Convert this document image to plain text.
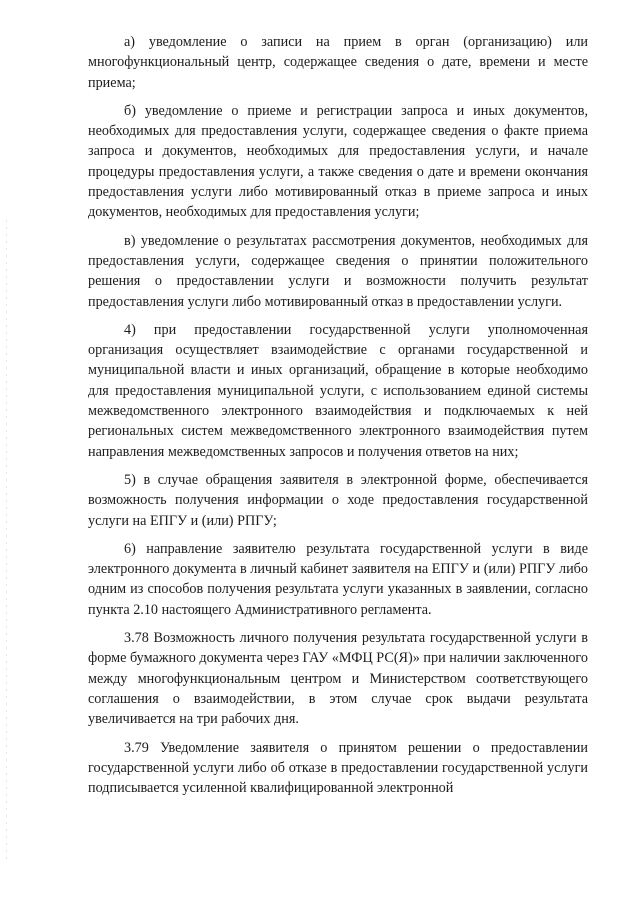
а) уведомление о записи на прием в орган (организацию) или многофункциональный центр, содержащее сведения о дате, времени и месте приема;

б) уведомление о приеме и регистрации запроса и иных документов, необходимых для предоставления услуги, содержащее сведения о факте приема запроса и документов, необходимых для предоставления услуги, и начале процедуры предоставления услуги, а также сведения о дате и времени окончания предоставления услуги либо мотивированный отказ в приеме запроса и иных документов, необходимых для предоставления услуги;

в) уведомление о результатах рассмотрения документов, необходимых для предоставления услуги, содержащее сведения о принятии положительного решения о предоставлении услуги и возможности получить результат предоставления услуги либо мотивированный отказ в предоставлении услуги.

4) при предоставлении государственной услуги уполномоченная организация осуществляет взаимодействие с органами государственной и муниципальной власти и иных организаций, обращение в которые необходимо для предоставления муниципальной услуги, с использованием единой системы межведомственного электронного взаимодействия и подключаемых к ней региональных систем межведомственного электронного взаимодействия путем направления межведомственных запросов и получения ответов на них;

5) в случае обращения заявителя в электронной форме, обеспечивается возможность получения информации о ходе предоставления государственной услуги на ЕПГУ и (или) РПГУ;

6) направление заявителю результата государственной услуги в виде электронного документа в личный кабинет заявителя на ЕПГУ и (или) РПГУ либо одним из способов получения результата услуги указанных в заявлении, согласно пункта 2.10 настоящего Административного регламента.

3.78 Возможность личного получения результата государственной услуги в форме бумажного документа через ГАУ «МФЦ РС(Я)» при наличии заключенного между многофункциональным центром и Министерством соответствующего соглашения о взаимодействии, в этом случае срок выдачи результата увеличивается на три рабочих дня.

3.79 Уведомление заявителя о принятом решении о предоставлении государственной услуги либо об отказе в предоставлении государственной услуги подписывается усиленной квалифицированной электронной
